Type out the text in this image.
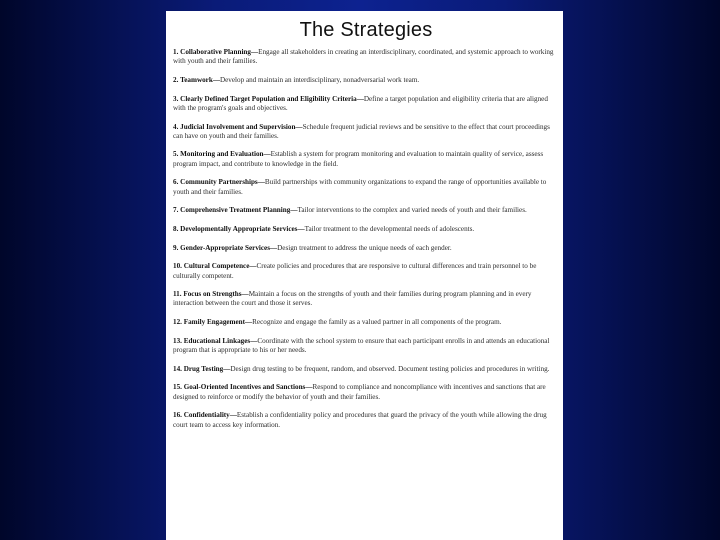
The Strategies

1. Collaborative Planning—Engage all stakeholders in creating an interdisciplinary, coordinated, and systemic approach to working with youth and their families.

2. Teamwork—Develop and maintain an interdisciplinary, nonadversarial work team.

3. Clearly Defined Target Population and Eligibility Criteria—Define a target population and eligibility criteria that are aligned with the program's goals and objectives.

4. Judicial Involvement and Supervision—Schedule frequent judicial reviews and be sensitive to the effect that court proceedings can have on youth and their families.

5. Monitoring and Evaluation—Establish a system for program monitoring and evaluation to maintain quality of service, assess program impact, and contribute to knowledge in the field.

6. Community Partnerships—Build partnerships with community organizations to expand the range of opportunities available to youth and their families.

7. Comprehensive Treatment Planning—Tailor interventions to the complex and varied needs of youth and their families.

8. Developmentally Appropriate Services—Tailor treatment to the developmental needs of adolescents.

9. Gender-Appropriate Services—Design treatment to address the unique needs of each gender.

10. Cultural Competence—Create policies and procedures that are responsive to cultural differences and train personnel to be culturally competent.

11. Focus on Strengths—Maintain a focus on the strengths of youth and their families during program planning and in every interaction between the court and those it serves.

12. Family Engagement—Recognize and engage the family as a valued partner in all components of the program.

13. Educational Linkages—Coordinate with the school system to ensure that each participant enrolls in and attends an educational program that is appropriate to his or her needs.

14. Drug Testing—Design drug testing to be frequent, random, and observed. Document testing policies and procedures in writing.

15. Goal-Oriented Incentives and Sanctions—Respond to compliance and noncompliance with incentives and sanctions that are designed to reinforce or modify the behavior of youth and their families.

16. Confidentiality—Establish a confidentiality policy and procedures that guard the privacy of the youth while allowing the drug court team to access key information.
